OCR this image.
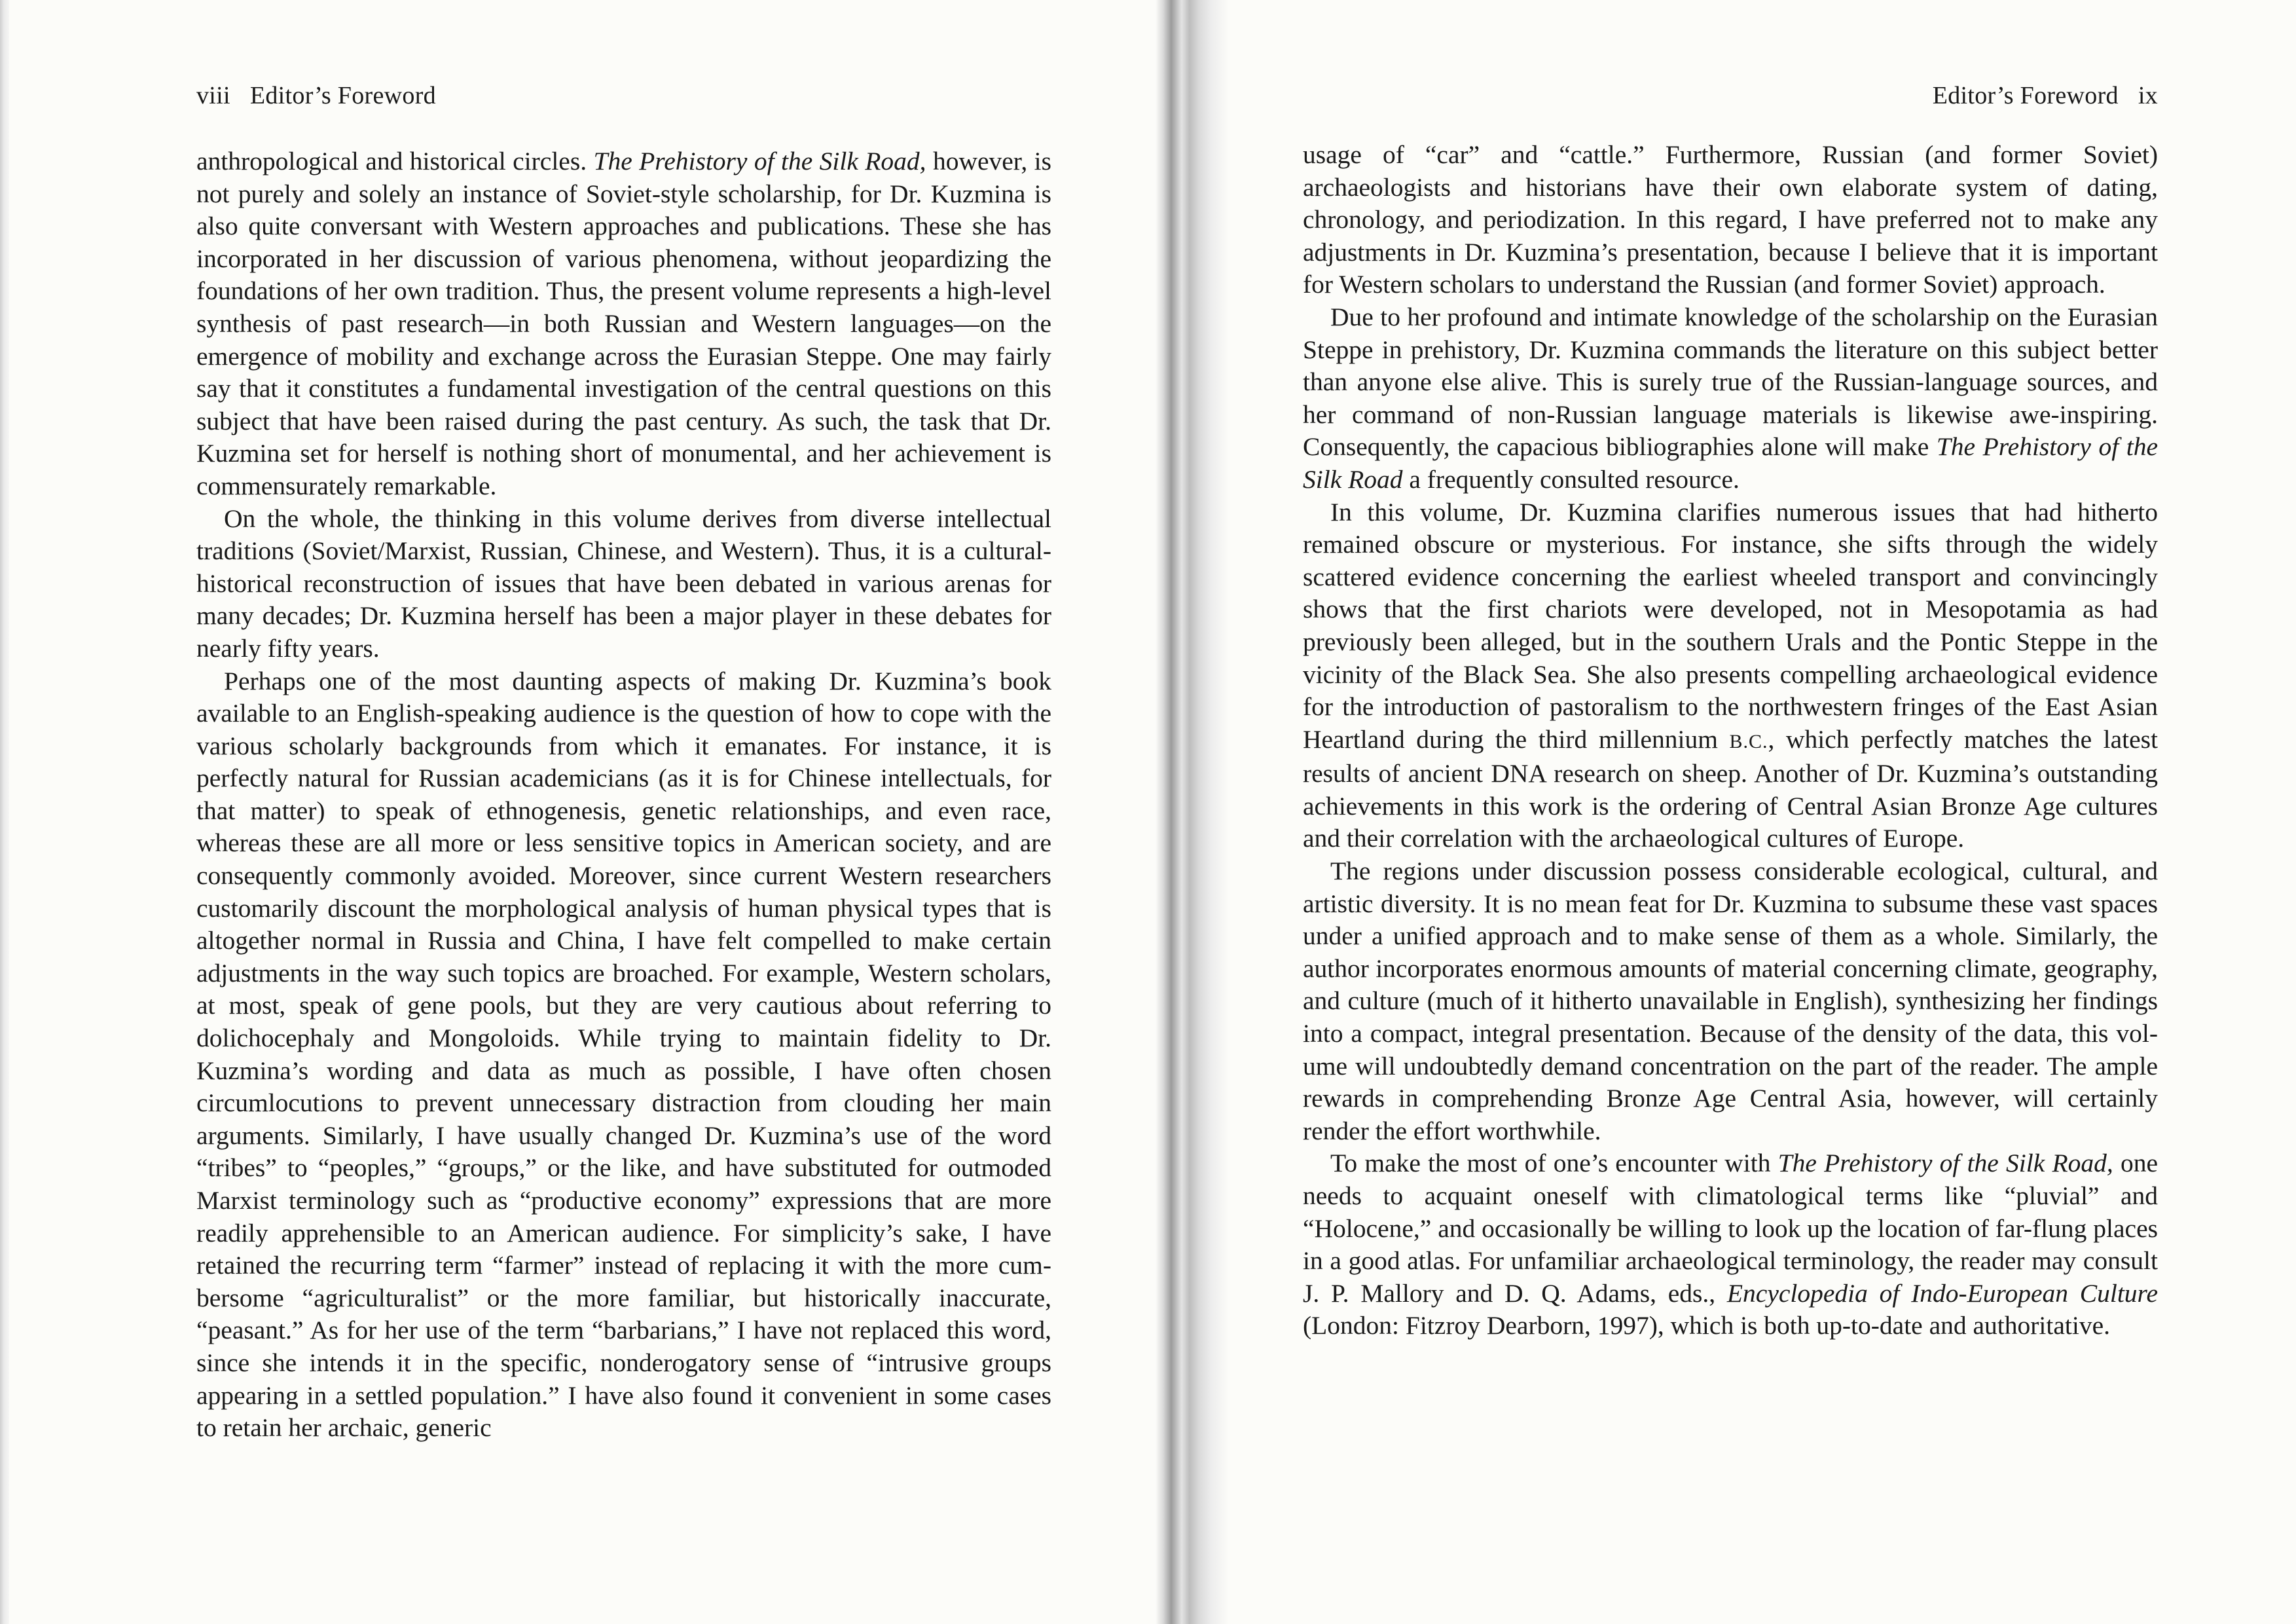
viii Editor’s Foreword

anthropological and historical circles. The Prehistory of the Silk Road, however, is not purely and solely an instance of Soviet-style scholarship, for Dr. Kuzmina is also quite conversant with Western approaches and publications. These she has incorporated in her discussion of various phenomena, without jeopardizing the foundations of her own tradition. Thus, the present volume represents a high-level synthesis of past research—in both Russian and Western languages—on the emergence of mobility and exchange across the Eurasian Steppe. One may fairly say that it constitutes a fundamental investigation of the central questions on this subject that have been raised during the past century. As such, the task that Dr. Kuzmina set for herself is nothing short of monumental, and her achievement is commensurately remarkable.

On the whole, the thinking in this volume derives from diverse intellectual traditions (Soviet/Marxist, Russian, Chinese, and Western). Thus, it is a cultural-historical reconstruction of issues that have been debated in various arenas for many decades; Dr. Kuzmina herself has been a major player in these debates for nearly fifty years.

Perhaps one of the most daunting aspects of making Dr. Kuzmina’s book available to an English-speaking audience is the question of how to cope with the various scholarly backgrounds from which it emanates. For instance, it is perfectly natural for Russian academicians (as it is for Chinese intellectuals, for that matter) to speak of ethnogenesis, genetic relationships, and even race, whereas these are all more or less sensitive topics in American society, and are consequently commonly avoided. Moreover, since current Western researchers customarily discount the morphological analysis of human physical types that is altogether normal in Russia and China, I have felt compelled to make certain adjustments in the way such topics are broached. For example, Western scholars, at most, speak of gene pools, but they are very cautious about referring to dolichocephaly and Mongoloids. While trying to maintain fidelity to Dr. Kuzmina’s wording and data as much as possible, I have often chosen circumlocutions to prevent unnecessary distraction from clouding her main arguments. Similarly, I have usually changed Dr. Kuzmina’s use of the word “tribes” to “peoples,” “groups,” or the like, and have substituted for outmoded Marxist terminology such as “productive economy” expressions that are more readily apprehensible to an American audience. For simplicity’s sake, I have retained the recurring term “farmer” instead of replacing it with the more cumbersome “agriculturalist” or the more familiar, but historically inaccurate, “peasant.” As for her use of the term “barbarians,” I have not replaced this word, since she intends it in the specific, nonderogatory sense of “intrusive groups appearing in a settled population.” I have also found it convenient in some cases to retain her archaic, generic

Editor’s Foreword ix

usage of “car” and “cattle.” Furthermore, Russian (and former Soviet) archaeologists and historians have their own elaborate system of dating, chronology, and periodization. In this regard, I have preferred not to make any adjustments in Dr. Kuzmina’s presentation, because I believe that it is important for Western scholars to understand the Russian (and former Soviet) approach.

Due to her profound and intimate knowledge of the scholarship on the Eurasian Steppe in prehistory, Dr. Kuzmina commands the literature on this subject better than anyone else alive. This is surely true of the Russian-language sources, and her command of non-Russian language materials is likewise awe-inspiring. Consequently, the capacious bibliographies alone will make The Prehistory of the Silk Road a frequently consulted resource.

In this volume, Dr. Kuzmina clarifies numerous issues that had hitherto remained obscure or mysterious. For instance, she sifts through the widely scattered evidence concerning the earliest wheeled transport and convincingly shows that the first chariots were developed, not in Mesopotamia as had previously been alleged, but in the southern Urals and the Pontic Steppe in the vicinity of the Black Sea. She also presents compelling archaeological evidence for the introduction of pastoralism to the northwestern fringes of the East Asian Heartland during the third millennium B.C., which perfectly matches the latest results of ancient DNA research on sheep. Another of Dr. Kuzmina’s outstanding achievements in this work is the ordering of Central Asian Bronze Age cultures and their correlation with the archaeological cultures of Europe.

The regions under discussion possess considerable ecological, cultural, and artistic diversity. It is no mean feat for Dr. Kuzmina to subsume these vast spaces under a unified approach and to make sense of them as a whole. Similarly, the author incorporates enormous amounts of material concerning climate, geography, and culture (much of it hitherto unavailable in English), synthesizing her findings into a compact, integral presentation. Because of the density of the data, this volume will undoubtedly demand concentration on the part of the reader. The ample rewards in comprehending Bronze Age Central Asia, however, will certainly render the effort worthwhile.

To make the most of one’s encounter with The Prehistory of the Silk Road, one needs to acquaint oneself with climatological terms like “pluvial” and “Holocene,” and occasionally be willing to look up the location of far-flung places in a good atlas. For unfamiliar archaeological terminology, the reader may consult J. P. Mallory and D. Q. Adams, eds., Encyclopedia of Indo-European Culture (London: Fitzroy Dearborn, 1997), which is both up-to-date and authoritative.
